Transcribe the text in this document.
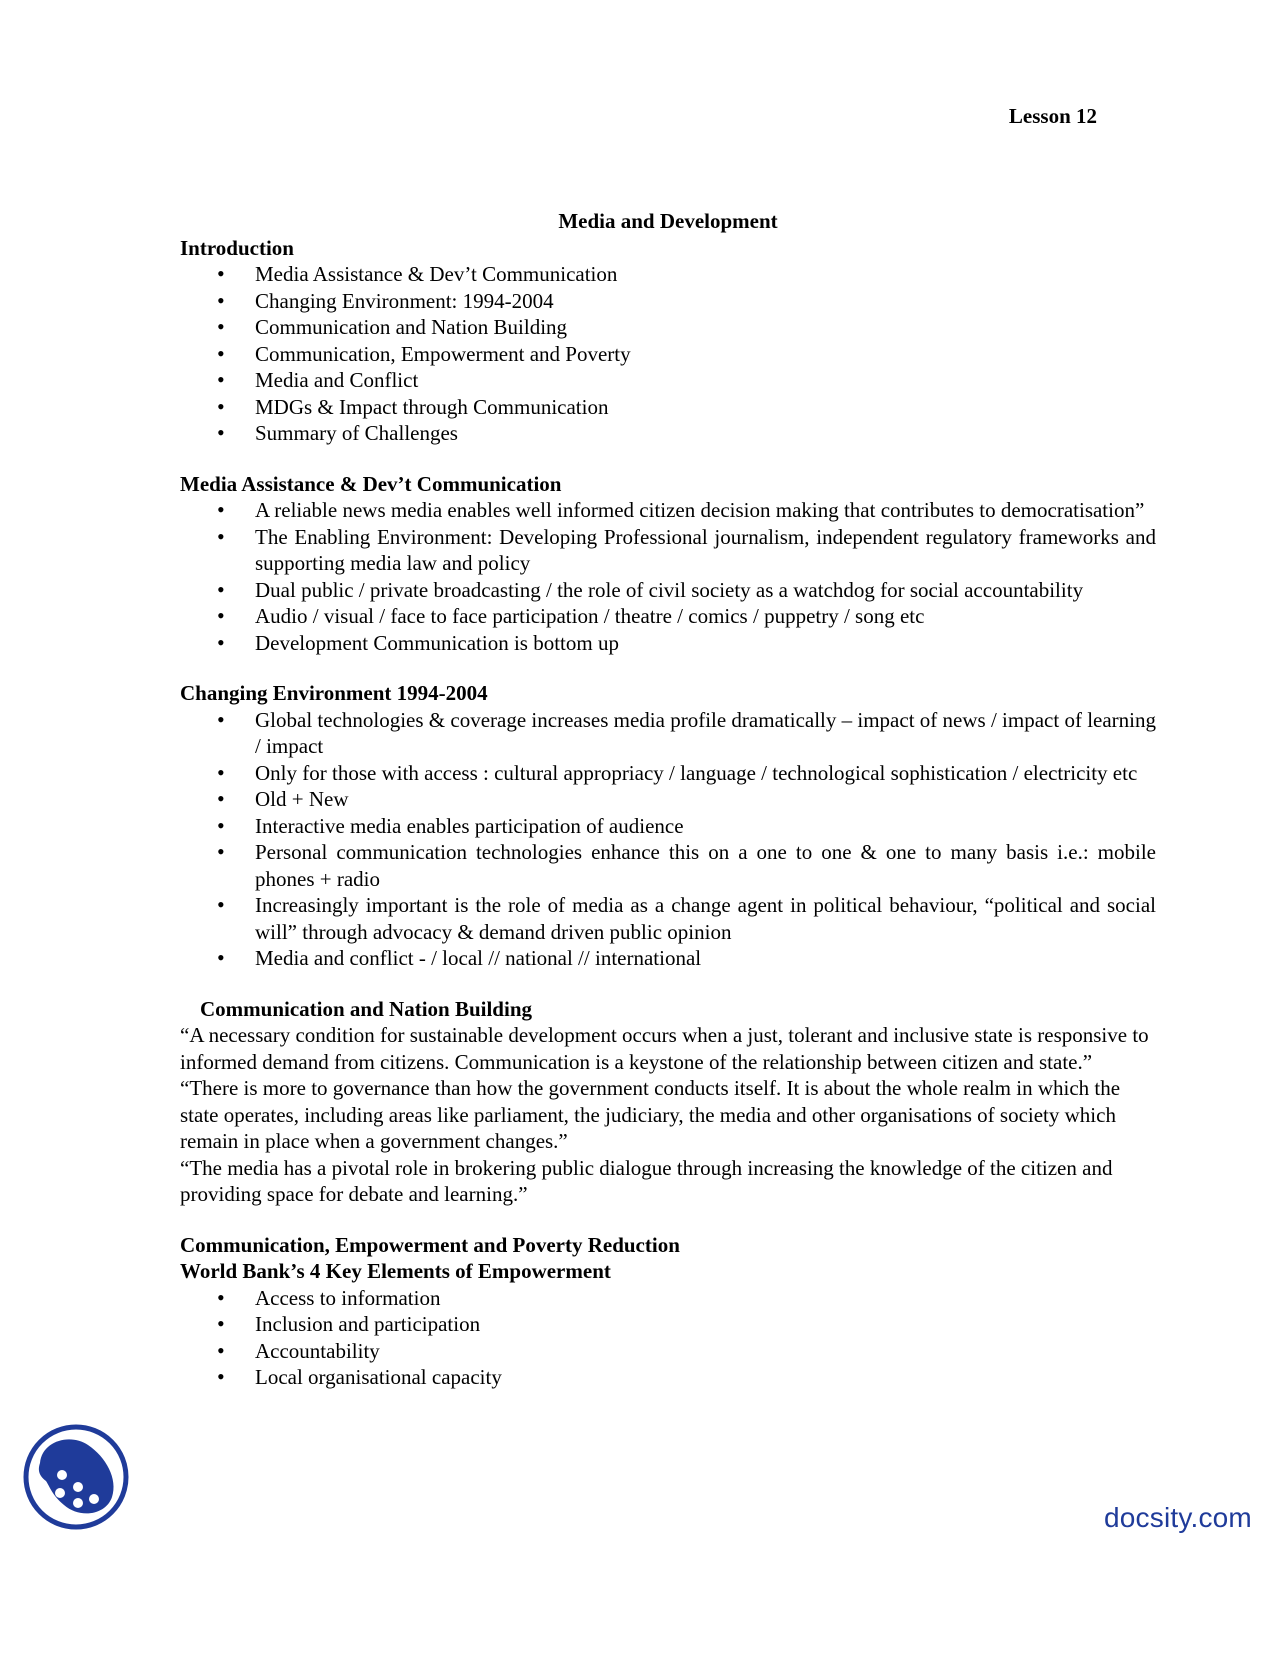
Lesson 12
Media and Development
Introduction
• Media Assistance & Dev’t Communication
• Changing Environment: 1994-2004
• Communication and Nation Building
• Communication, Empowerment and Poverty
• Media and Conflict
• MDGs & Impact through Communication
• Summary of Challenges
Media Assistance & Dev’t Communication
• A reliable news media enables well informed citizen decision making that contributes to democratisation”
• The Enabling Environment: Developing Professional journalism, independent regulatory frameworks and supporting media law and policy
• Dual public / private broadcasting / the role of civil society as a watchdog for social accountability
• Audio / visual / face to face participation / theatre / comics / puppetry / song etc
• Development Communication is bottom up
Changing Environment 1994-2004
• Global technologies & coverage increases media profile dramatically – impact of news / impact of learning / impact
• Only for those with access : cultural appropriacy / language / technological sophistication / electricity etc
• Old + New
• Interactive media enables participation of audience
• Personal communication technologies enhance this on a one to one & one to many basis i.e.: mobile phones + radio
• Increasingly important is the role of media as a change agent in political behaviour, “political and social will” through advocacy & demand driven public opinion
• Media and conflict - / local // national // international
Communication and Nation Building

“A necessary condition for sustainable development occurs when a just, tolerant and inclusive state is responsive to informed demand from citizens. Communication is a keystone of the relationship between citizen and state.”

“There is more to governance than how the government conducts itself. It is about the whole realm in which the state operates, including areas like parliament, the judiciary, the media and other organisations of society which remain in place when a government changes.”

“The media has a pivotal role in brokering public dialogue through increasing the knowledge of the citizen and providing space for debate and learning.”

Communication, Empowerment and Poverty Reduction
World Bank’s 4 Key Elements of Empowerment
• Access to information
• Inclusion and participation
• Accountability
• Local organisational capacity
docsity.com
